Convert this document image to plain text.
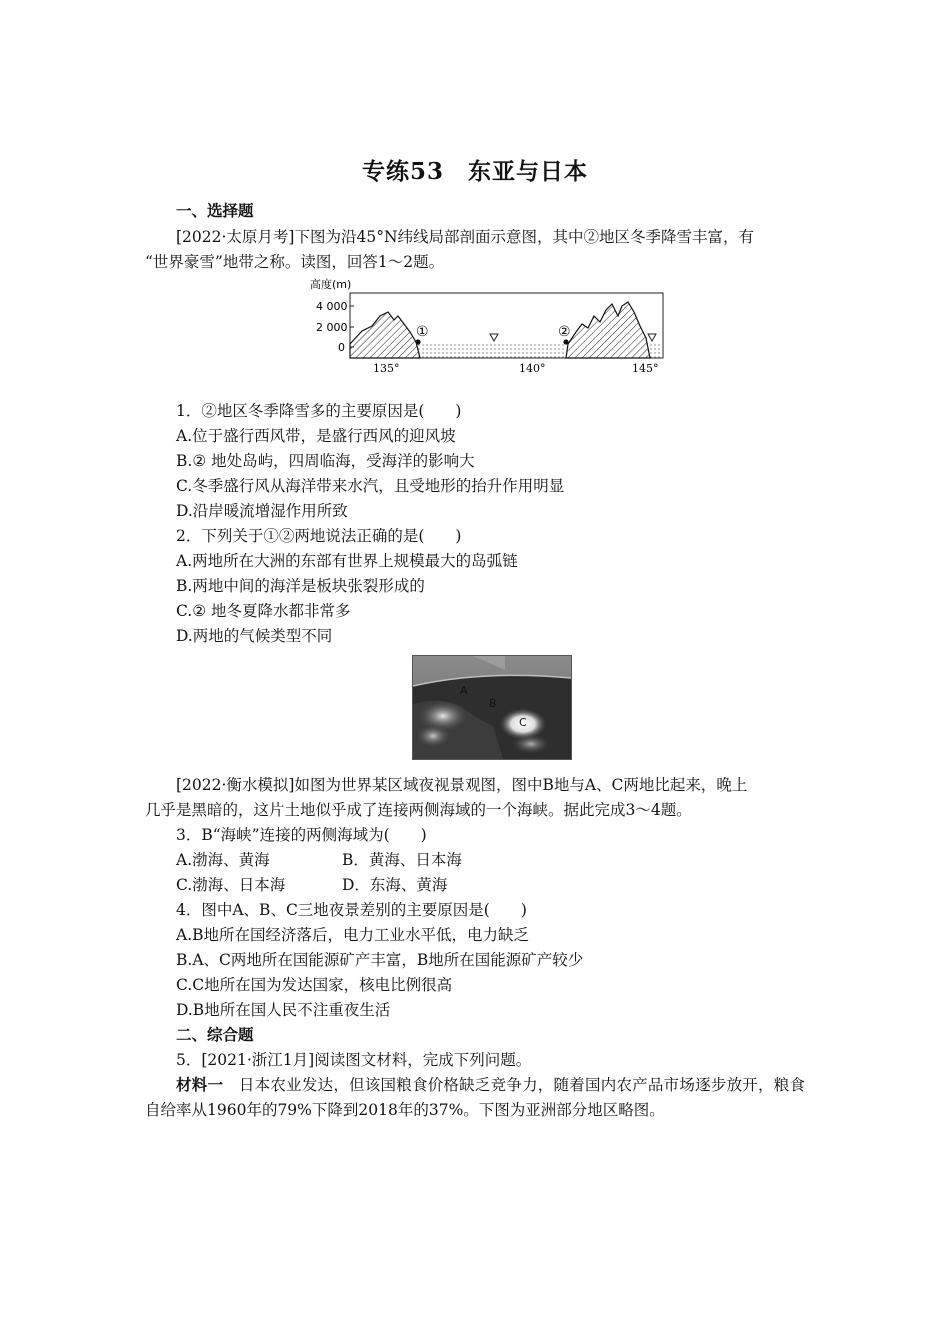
专练53　东亚与日本
一、选择题
[2022·太原月考]下图为沿45°N纬线局部剖面示意图，其中②地区冬季降雪丰富，有
“世界豪雪”地带之称。读图，回答1～2题。
高度(m)
4 000
2 000
0
①	②
135°	140°	145°
1．②地区冬季降雪多的主要原因是(　　)
A.位于盛行西风带，是盛行西风的迎风坡
B.② 地处岛屿，四周临海，受海洋的影响大
C.冬季盛行风从海洋带来水汽，且受地形的抬升作用明显
D.沿岸暖流增湿作用所致
2．下列关于①②两地说法正确的是(　　)
A.两地所在大洲的东部有世界上规模最大的岛弧链
B.两地中间的海洋是板块张裂形成的
C.② 地冬夏降水都非常多
D.两地的气候类型不同
A
B
C
[2022·衡水模拟]如图为世界某区域夜视景观图，图中B地与A、C两地比起来，晚上
几乎是黑暗的，这片土地似乎成了连接两侧海域的一个海峡。据此完成3～4题。
3．B“海峡”连接的两侧海域为(　　)
A.渤海、黄海	B．黄海、日本海
C.渤海、日本海	D．东海、黄海
4．图中A、B、C三地夜景差别的主要原因是(　　)
A.B地所在国经济落后，电力工业水平低，电力缺乏
B.A、C两地所在国能源矿产丰富，B地所在国能源矿产较少
C.C地所在国为发达国家，核电比例很高
D.B地所在国人民不注重夜生活
二、综合题
5．[2021·浙江1月]阅读图文材料，完成下列问题。
材料一　日本农业发达，但该国粮食价格缺乏竞争力，随着国内农产品市场逐步放开，粮食自给率从1960年的79%下降到2018年的37%。下图为亚洲部分地区略图。
